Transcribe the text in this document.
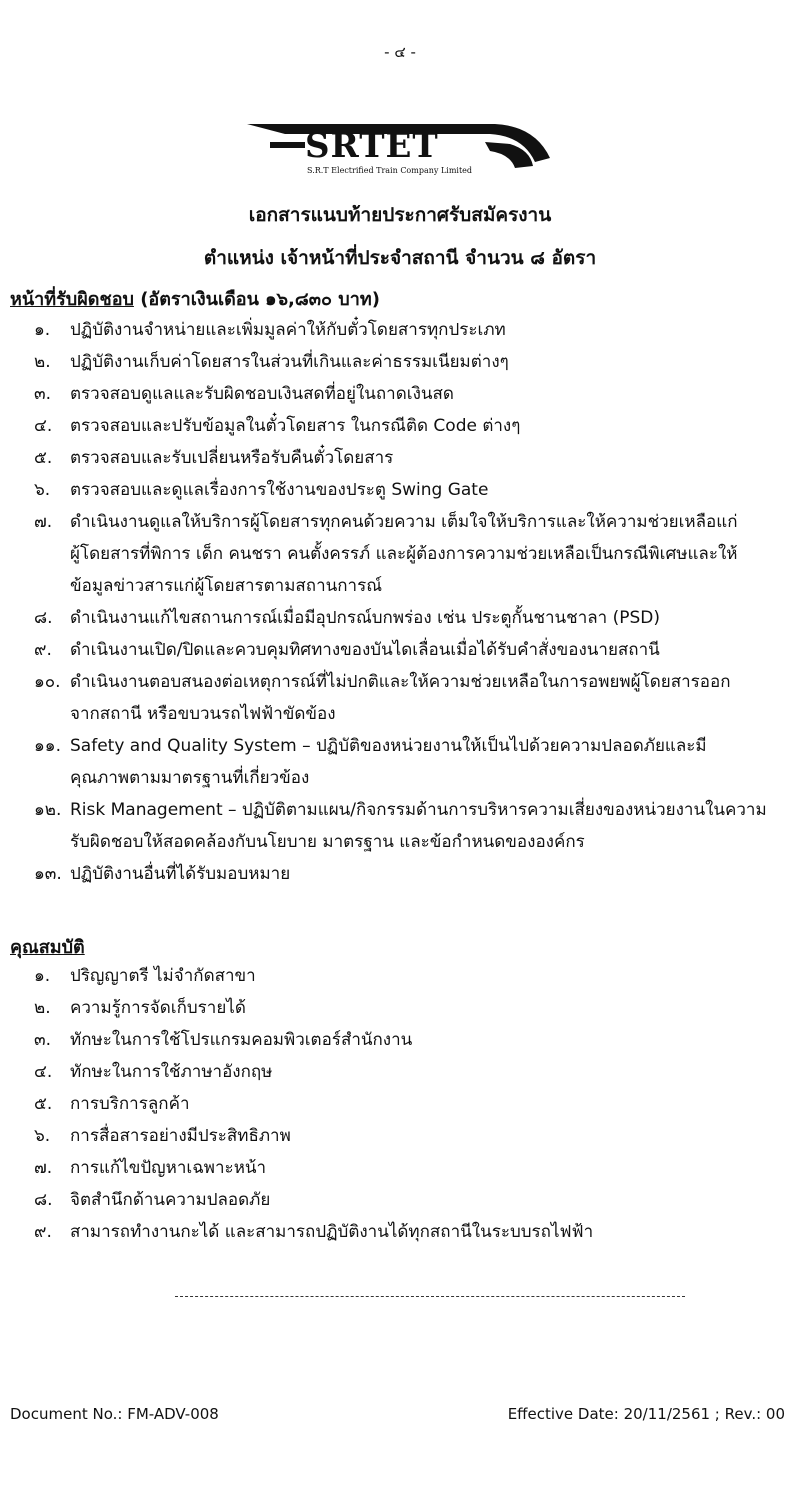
- ๔ -
SRTET
S.R.T Electrified Train Company Limited
เอกสารแนบท้ายประกาศรับสมัครงาน
ตำแหน่ง เจ้าหน้าที่ประจำสถานี จำนวน ๘ อัตรา
หน้าที่รับผิดชอบ (อัตราเงินเดือน ๑๖,๘๓๐ บาท)
๑.	ปฏิบัติงานจำหน่ายและเพิ่มมูลค่าให้กับตั๋วโดยสารทุกประเภท
๒.	ปฏิบัติงานเก็บค่าโดยสารในส่วนที่เกินและค่าธรรมเนียมต่างๆ
๓.	ตรวจสอบดูแลและรับผิดชอบเงินสดที่อยู่ในถาดเงินสด
๔.	ตรวจสอบและปรับข้อมูลในตั๋วโดยสาร ในกรณีติด Code ต่างๆ
๕.	ตรวจสอบและรับเปลี่ยนหรือรับคืนตั๋วโดยสาร
๖.	ตรวจสอบและดูแลเรื่องการใช้งานของประตู Swing Gate
๗.	ดำเนินงานดูแลให้บริการผู้โดยสารทุกคนด้วยความ เต็มใจให้บริการและให้ความช่วยเหลือแก่
ผู้โดยสารที่พิการ เด็ก คนชรา คนตั้งครรภ์ และผู้ต้องการความช่วยเหลือเป็นกรณีพิเศษและให้
ข้อมูลข่าวสารแก่ผู้โดยสารตามสถานการณ์
๘.	ดำเนินงานแก้ไขสถานการณ์เมื่อมีอุปกรณ์บกพร่อง เช่น ประตูกั้นชานชาลา (PSD)
๙.	ดำเนินงานเปิด/ปิดและควบคุมทิศทางของบันไดเลื่อนเมื่อได้รับคำสั่งของนายสถานี
๑๐. ดำเนินงานตอบสนองต่อเหตุการณ์ที่ไม่ปกติและให้ความช่วยเหลือในการอพยพผู้โดยสารออก
จากสถานี หรือขบวนรถไฟฟ้าขัดข้อง
๑๑. Safety and Quality System – ปฏิบัติของหน่วยงานให้เป็นไปด้วยความปลอดภัยและมี
คุณภาพตามมาตรฐานที่เกี่ยวข้อง
๑๒. Risk Management – ปฏิบัติตามแผน/กิจกรรมด้านการบริหารความเสี่ยงของหน่วยงานในความ
รับผิดชอบให้สอดคล้องกับนโยบาย มาตรฐาน และข้อกำหนดขององค์กร
๑๓. ปฏิบัติงานอื่นที่ได้รับมอบหมาย
คุณสมบัติ
๑.	ปริญญาตรี ไม่จำกัดสาขา
๒.	ความรู้การจัดเก็บรายได้
๓.	ทักษะในการใช้โปรแกรมคอมพิวเตอร์สำนักงาน
๔.	ทักษะในการใช้ภาษาอังกฤษ
๕.	การบริการลูกค้า
๖.	การสื่อสารอย่างมีประสิทธิภาพ
๗.	การแก้ไขปัญหาเฉพาะหน้า
๘.	จิตสำนึกด้านความปลอดภัย
๙.	สามารถทำงานกะได้ และสามารถปฏิบัติงานได้ทุกสถานีในระบบรถไฟฟ้า
Document No.: FM-ADV-008	Effective Date: 20/11/2561 ; Rev.: 00
